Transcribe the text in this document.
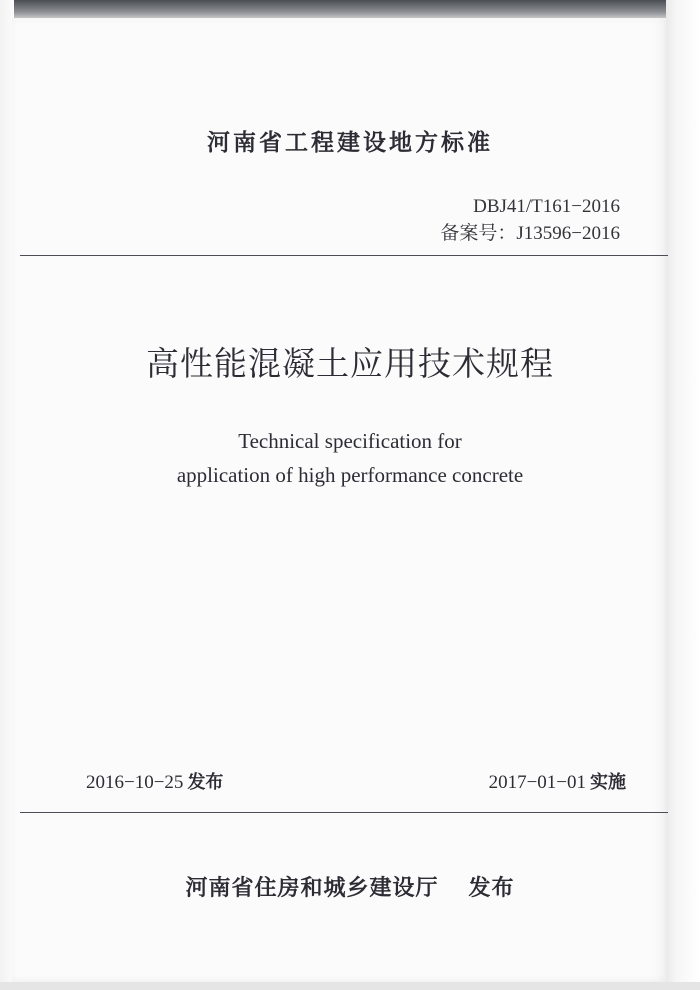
河南省工程建设地方标准
DBJ41/T161−2016
备案号：J13596−2016
高性能混凝土应用技术规程
Technical specification for
application of high performance concrete
2016−10−25 发布	2017−01−01 实施
河南省住房和城乡建设厅 发布
